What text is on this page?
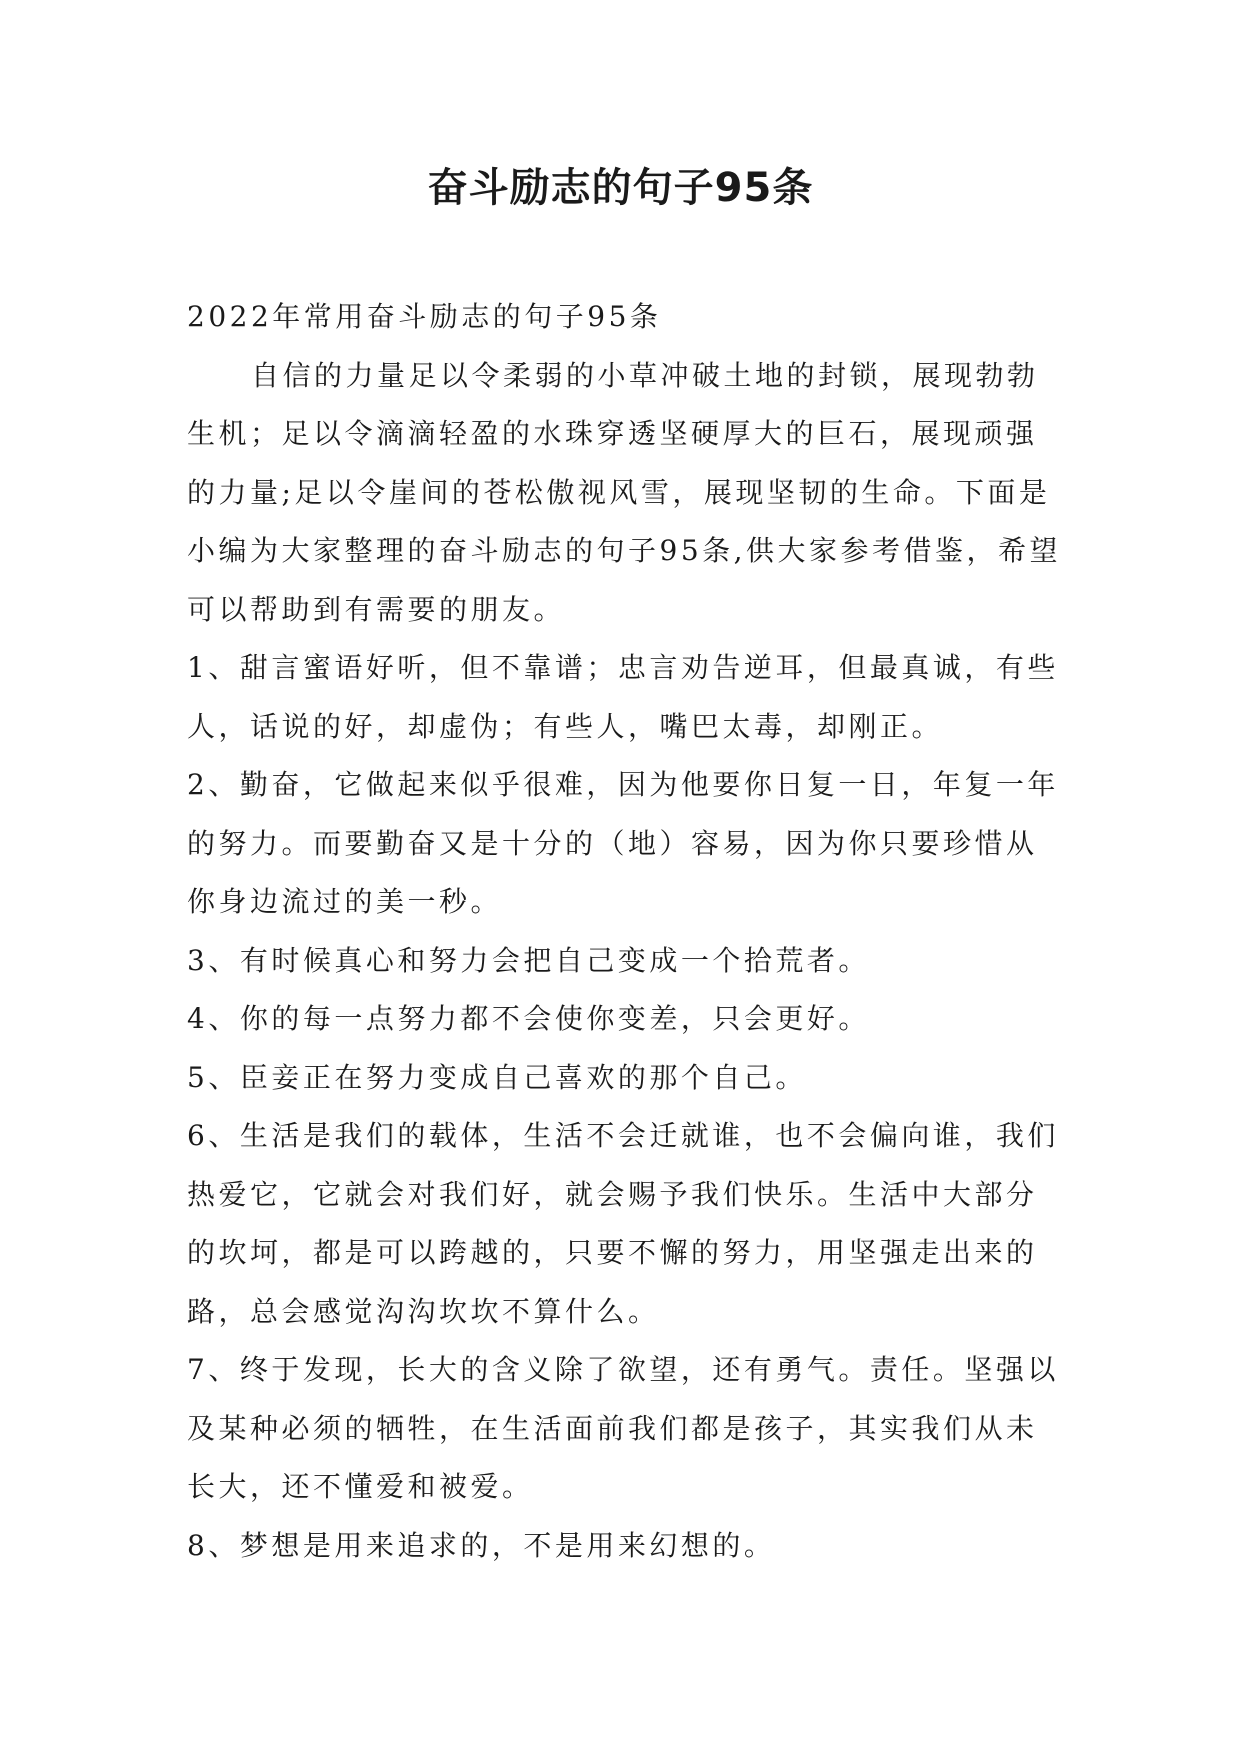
奋斗励志的句子95条

2022年常用奋斗励志的句子95条

自信的力量足以令柔弱的小草冲破土地的封锁，展现勃勃生机；足以令滴滴轻盈的水珠穿透坚硬厚大的巨石，展现顽强的力量;足以令崖间的苍松傲视风雪，展现坚韧的生命。下面是小编为大家整理的奋斗励志的句子95条,供大家参考借鉴，希望可以帮助到有需要的朋友。

1、甜言蜜语好听，但不靠谱；忠言劝告逆耳，但最真诚，有些人，话说的好，却虚伪；有些人，嘴巴太毒，却刚正。

2、勤奋，它做起来似乎很难，因为他要你日复一日，年复一年的努力。而要勤奋又是十分的（地）容易，因为你只要珍惜从你身边流过的美一秒。

3、有时候真心和努力会把自己变成一个拾荒者。

4、你的每一点努力都不会使你变差，只会更好。

5、臣妾正在努力变成自己喜欢的那个自己。

6、生活是我们的载体，生活不会迁就谁，也不会偏向谁，我们热爱它，它就会对我们好，就会赐予我们快乐。生活中大部分的坎坷，都是可以跨越的，只要不懈的努力，用坚强走出来的路，总会感觉沟沟坎坎不算什么。

7、终于发现，长大的含义除了欲望，还有勇气。责任。坚强以及某种必须的牺牲，在生活面前我们都是孩子，其实我们从未长大，还不懂爱和被爱。

8、梦想是用来追求的，不是用来幻想的。
